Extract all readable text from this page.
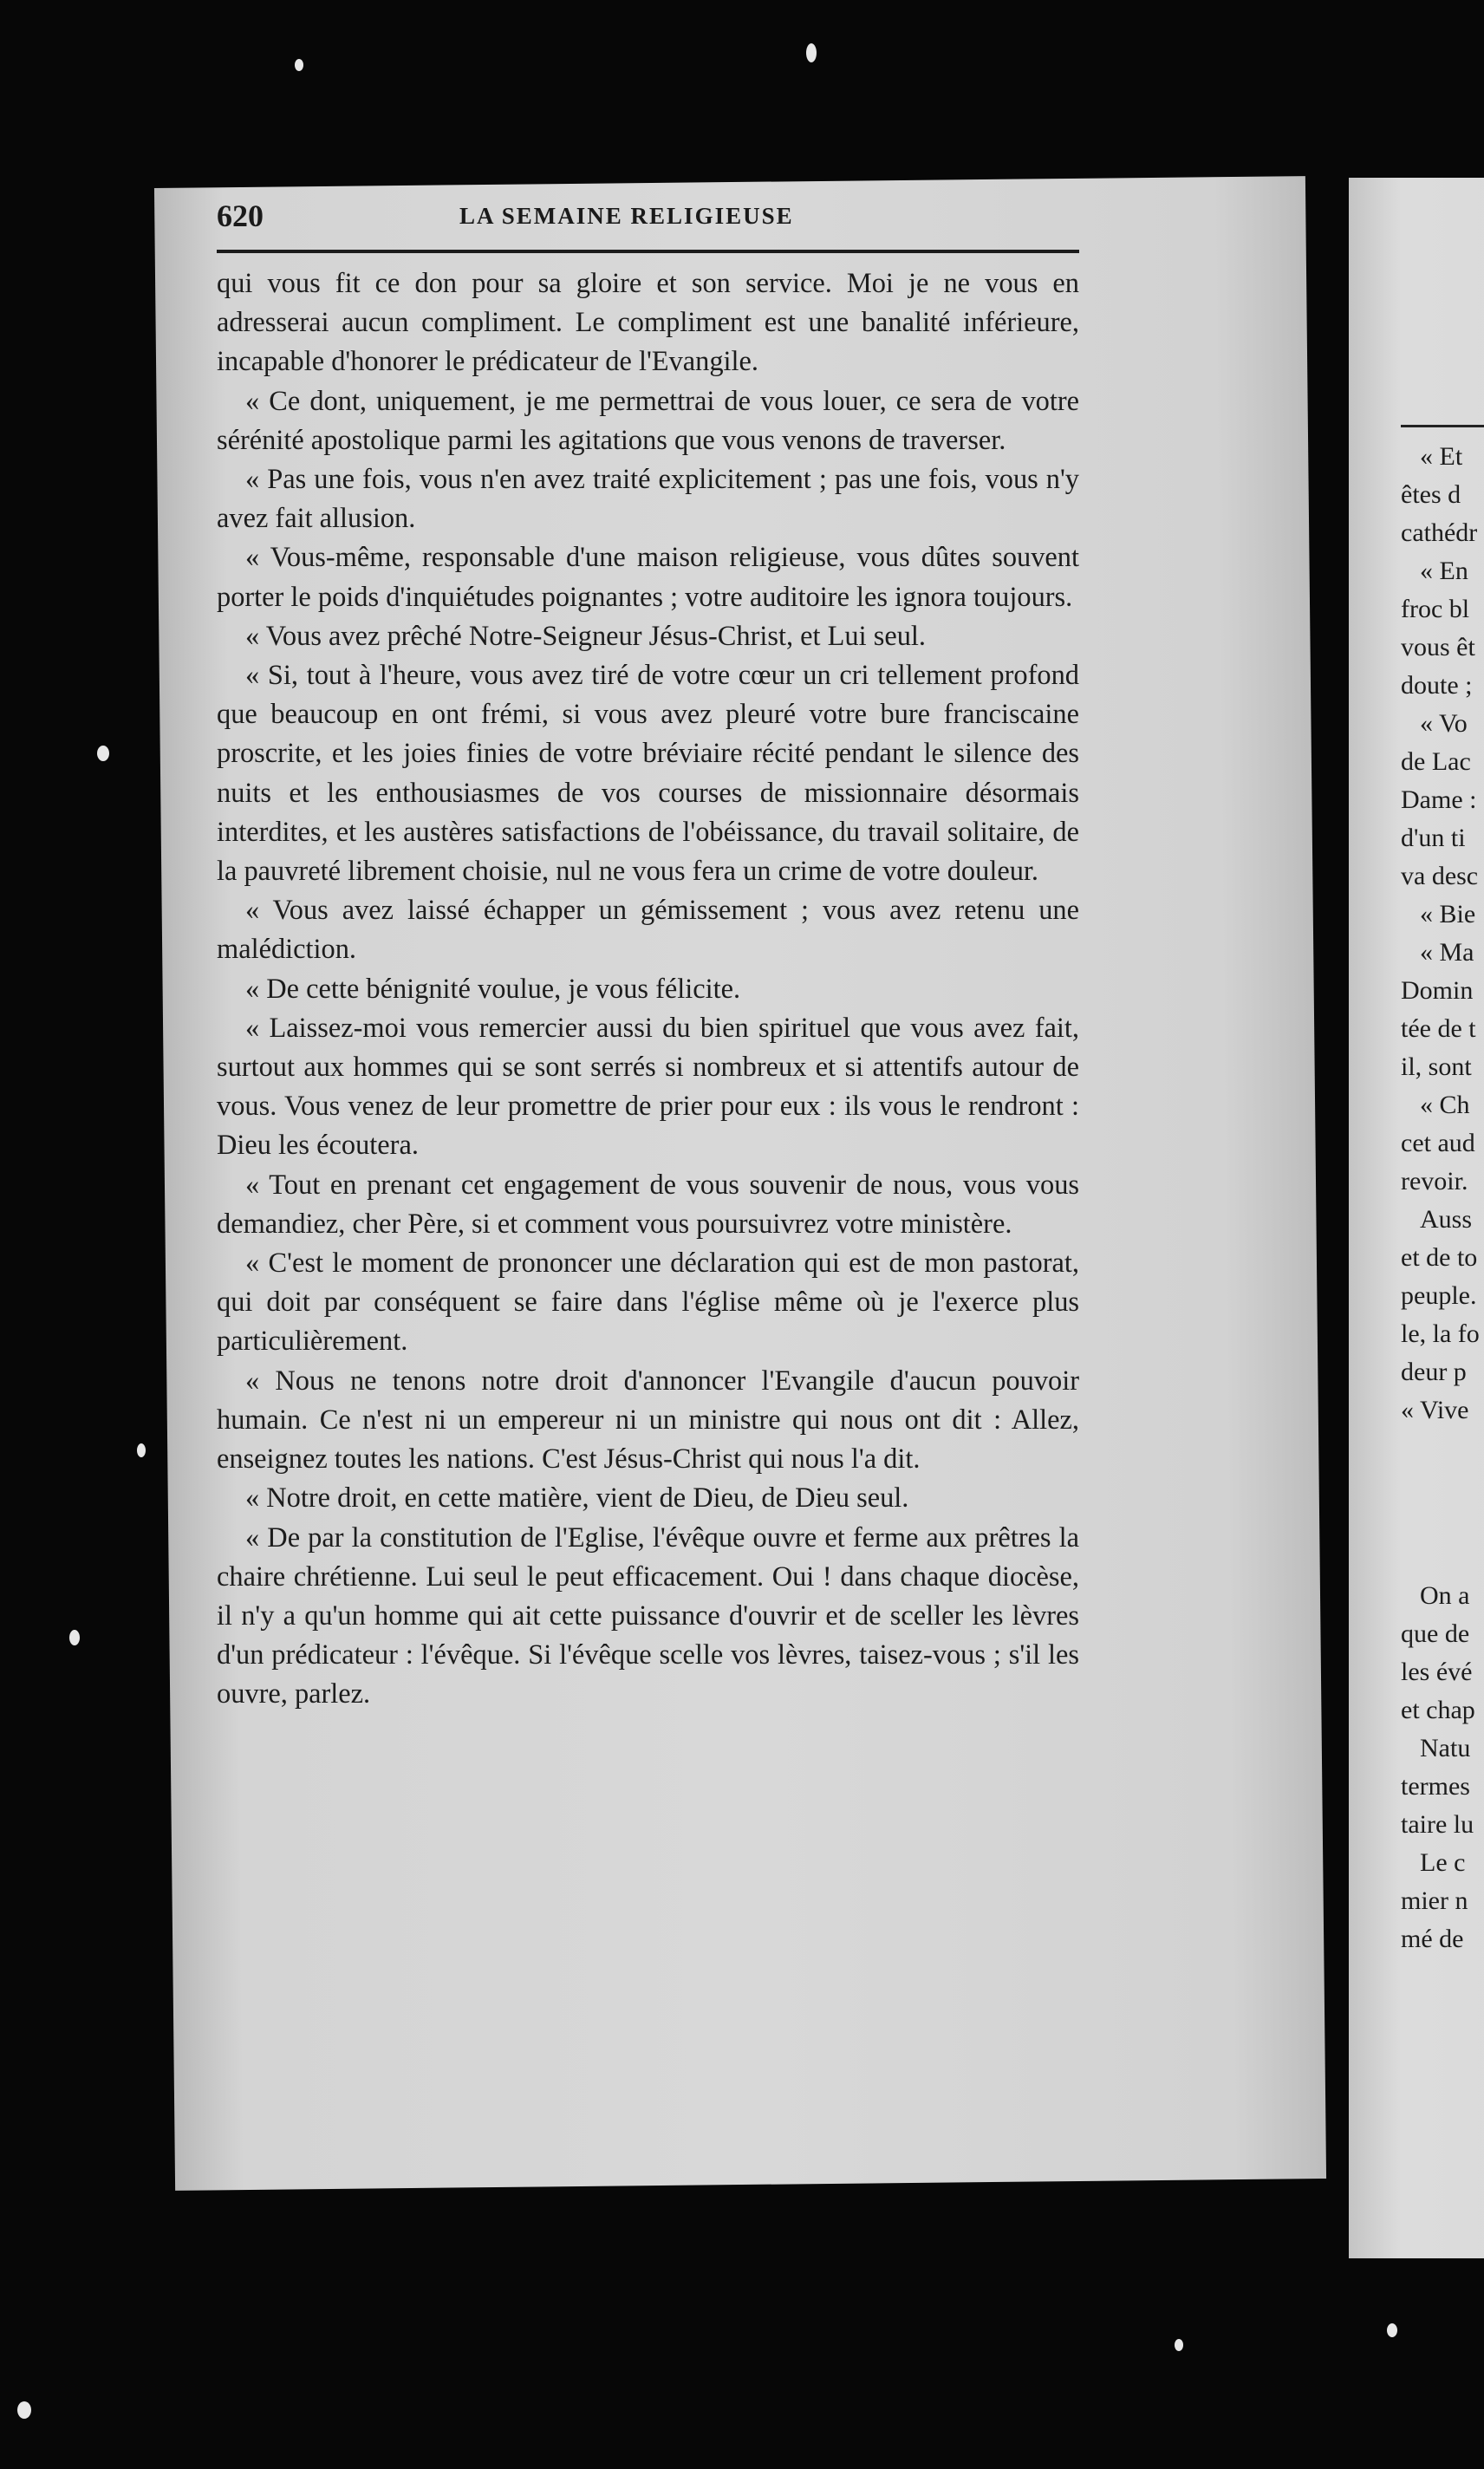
620	LA SEMAINE RELIGIEUSE

qui vous fit ce don pour sa gloire et son service. Moi je ne vous en adresserai aucun compliment. Le compliment est une banalité inférieure, incapable d'honorer le prédicateur de l'Evangile.

« Ce dont, uniquement, je me permettrai de vous louer, ce sera de votre sérénité apostolique parmi les agitations que vous venons de traverser.

« Pas une fois, vous n'en avez traité explicitement ; pas une fois, vous n'y avez fait allusion.

« Vous-même, responsable d'une maison religieuse, vous dûtes souvent porter le poids d'inquiétudes poignantes ; votre auditoire les ignora toujours.

« Vous avez prêché Notre-Seigneur Jésus-Christ, et Lui seul.

« Si, tout à l'heure, vous avez tiré de votre cœur un cri tellement profond que beaucoup en ont frémi, si vous avez pleuré votre bure franciscaine proscrite, et les joies finies de votre bréviaire récité pendant le silence des nuits et les enthousiasmes de vos courses de missionnaire désormais interdites, et les austères satisfactions de l'obéissance, du travail solitaire, de la pauvreté librement choisie, nul ne vous fera un crime de votre douleur.

« Vous avez laissé échapper un gémissement ; vous avez retenu une malédiction.

« De cette bénignité voulue, je vous félicite.

« Laissez-moi vous remercier aussi du bien spirituel que vous avez fait, surtout aux hommes qui se sont serrés si nombreux et si attentifs autour de vous. Vous venez de leur promettre de prier pour eux : ils vous le rendront : Dieu les écoutera.

« Tout en prenant cet engagement de vous souvenir de nous, vous vous demandiez, cher Père, si et comment vous poursuivrez votre ministère.

« C'est le moment de prononcer une déclaration qui est de mon pastorat, qui doit par conséquent se faire dans l'église même où je l'exerce plus particulièrement.

« Nous ne tenons notre droit d'annoncer l'Evangile d'aucun pouvoir humain. Ce n'est ni un empereur ni un ministre qui nous ont dit : Allez, enseignez toutes les nations. C'est Jésus-Christ qui nous l'a dit.

« Notre droit, en cette matière, vient de Dieu, de Dieu seul.

« De par la constitution de l'Eglise, l'évêque ouvre et ferme aux prêtres la chaire chrétienne. Lui seul le peut efficacement. Oui ! dans chaque diocèse, il n'y a qu'un homme qui ait cette puissance d'ouvrir et de sceller les lèvres d'un prédicateur : l'évêque. Si l'évêque scelle vos lèvres, taisez-vous ; s'il les ouvre, parlez.

« Et
êtes d
cathédr
« En
froc bl
vous êt
doute ;
« Vo
de Lac
Dame :
d'un ti
va desc
« Bie
« Ma
Domin
tée de t
il, sont
« Ch
cet aud
revoir.
Auss
et de to
peuple.
le, la fo
deur p
« Vive
On a
que de
les évé
et chap
Natu
termes
taire lu
Le c
mier n
mé de
